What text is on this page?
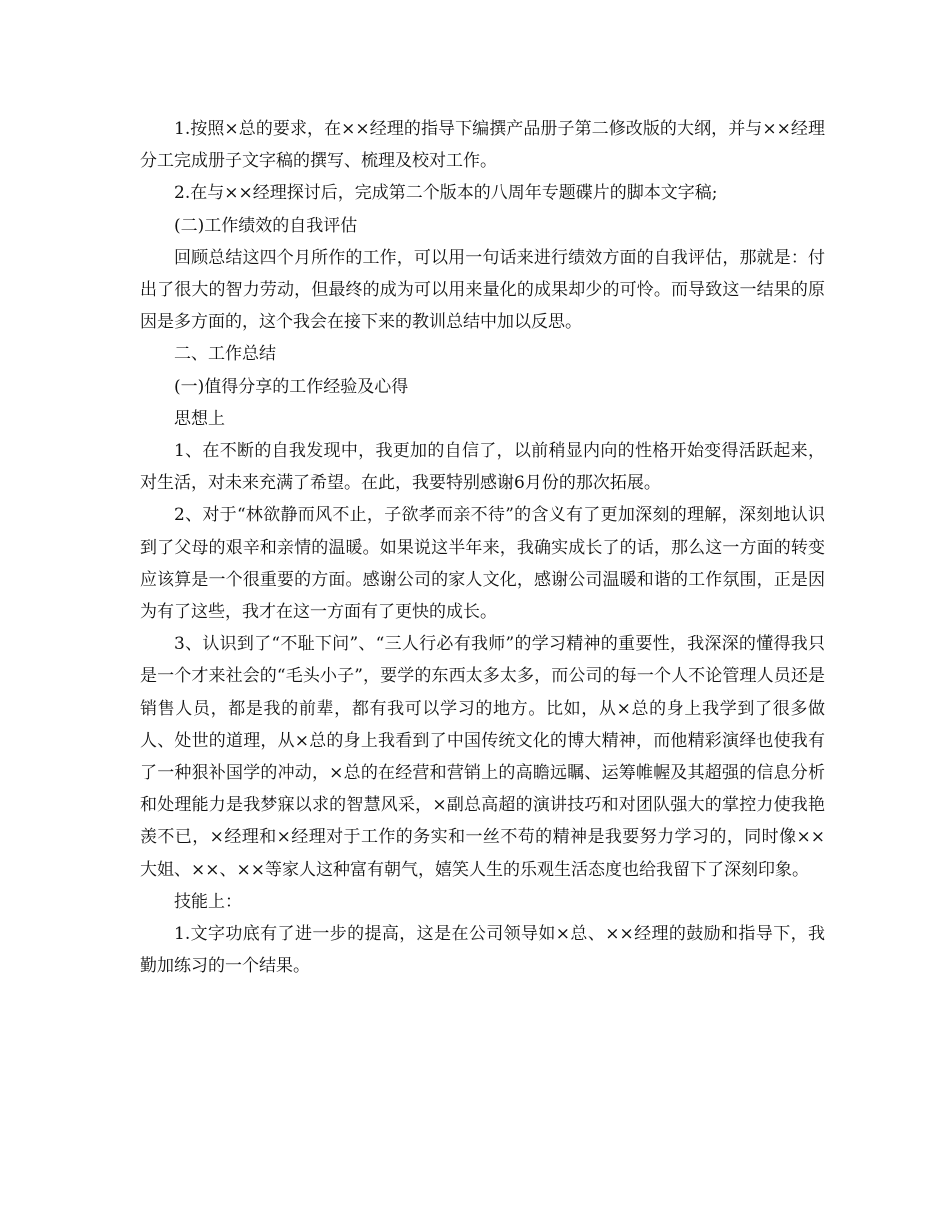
1.按照×总的要求，在××经理的指导下编撰产品册子第二修改版的大纲，并与××经理分工完成册子文字稿的撰写、梳理及校对工作。

2.在与××经理探讨后，完成第二个版本的八周年专题碟片的脚本文字稿;

(二)工作绩效的自我评估

回顾总结这四个月所作的工作，可以用一句话来进行绩效方面的自我评估，那就是：付出了很大的智力劳动，但最终的成为可以用来量化的成果却少的可怜。而导致这一结果的原因是多方面的，这个我会在接下来的教训总结中加以反思。

二、工作总结

(一)值得分享的工作经验及心得

思想上

1、在不断的自我发现中，我更加的自信了，以前稍显内向的性格开始变得活跃起来，对生活，对未来充满了希望。在此，我要特别感谢6月份的那次拓展。

2、对于“林欲静而风不止，子欲孝而亲不待”的含义有了更加深刻的理解，深刻地认识到了父母的艰辛和亲情的温暖。如果说这半年来，我确实成长了的话，那么这一方面的转变应该算是一个很重要的方面。感谢公司的家人文化，感谢公司温暖和谐的工作氛围，正是因为有了这些，我才在这一方面有了更快的成长。

3、认识到了“不耻下问”、“三人行必有我师”的学习精神的重要性，我深深的懂得我只是一个才来社会的“毛头小子”，要学的东西太多太多，而公司的每一个人不论管理人员还是销售人员，都是我的前辈，都有我可以学习的地方。比如，从×总的身上我学到了很多做人、处世的道理，从×总的身上我看到了中国传统文化的博大精神，而他精彩演绎也使我有了一种狠补国学的冲动，×总的在经营和营销上的高瞻远瞩、运筹帷幄及其超强的信息分析和处理能力是我梦寐以求的智慧风采，×副总高超的演讲技巧和对团队强大的掌控力使我艳羡不已，×经理和×经理对于工作的务实和一丝不苟的精神是我要努力学习的，同时像××大姐、××、××等家人这种富有朝气，嬉笑人生的乐观生活态度也给我留下了深刻印象。

技能上：

1.文字功底有了进一步的提高，这是在公司领导如×总、××经理的鼓励和指导下，我勤加练习的一个结果。
